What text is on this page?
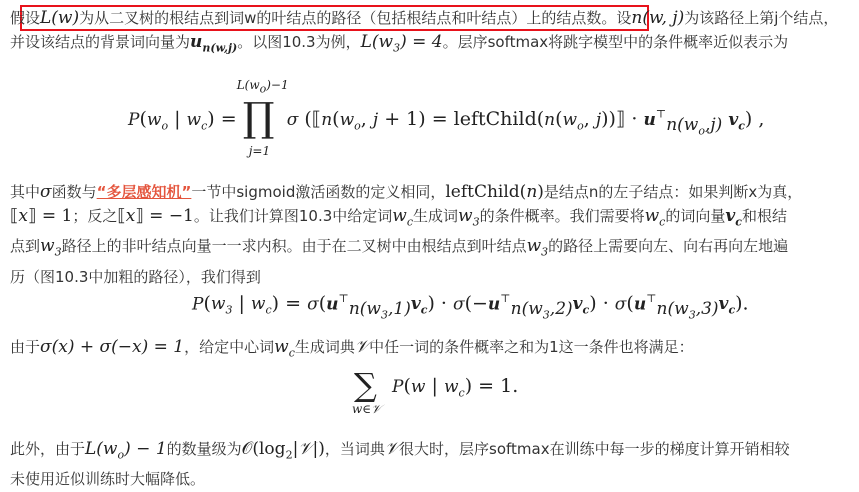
假设L(w)为从二叉树的根结点到词w的叶结点的路径（包括根结点和叶结点）上的结点数。设n(w, j)为该路径上第j个结点，并设该结点的背景词向量为$u_{n(w,j)}$。以图10.3为例，$L(w_3) = 4$。层序softmax将跳字模型中的条件概率近似表示为

$P(w_o$ | $w_c$) =
$L(w_o)-1$
∏
j=1
σ ($⟦n(w_o$, $j + 1) = leftChild(n(w_o$, j))⟧ · $u^⊤_{n(w_o,j)}$ $v_c$) ,

其中σ函数与“多层感知机”一节中sigmoid激活函数的定义相同，leftChild(n)是结点n的左子结点：如果判断x为真，
⟦x⟧ = 1；反之⟦x⟧ = −1。让我们计算图10.3中给定词$w_c$生成词$w_3$的条件概率。我们需要将$w_c$的词向量$v_c$和根结
点到$w_3$路径上的非叶结点向量一一求内积。由于在二叉树中由根结点到叶结点$w_3$的路径上需要向左、向右再向左地遍
历（图10.3中加粗的路径），我们得到

$P(w_3$ | $w_c) = \sigma(u^⊤_{n(w_3,1)}v_c) \cdot \sigma(-u^⊤_{n(w_3,2)}v_c) \cdot \sigma(u^⊤_{n(w_3,3)}v_c)$.

由于σ(x) + σ(−x) = 1，给定中心词$w_c$生成词典𝒱中任一词的条件概率之和为1这一条件也将满足：

∑
w∈𝒱
P(w | $w_c) = 1$.

此外，由于$L(w_o) - 1$的数量级为$𝒪(\log_2|𝒱|)$，当词典𝒱很大时，层序softmax在训练中每一步的梯度计算开销相较
未使用近似训练时大幅降低。
